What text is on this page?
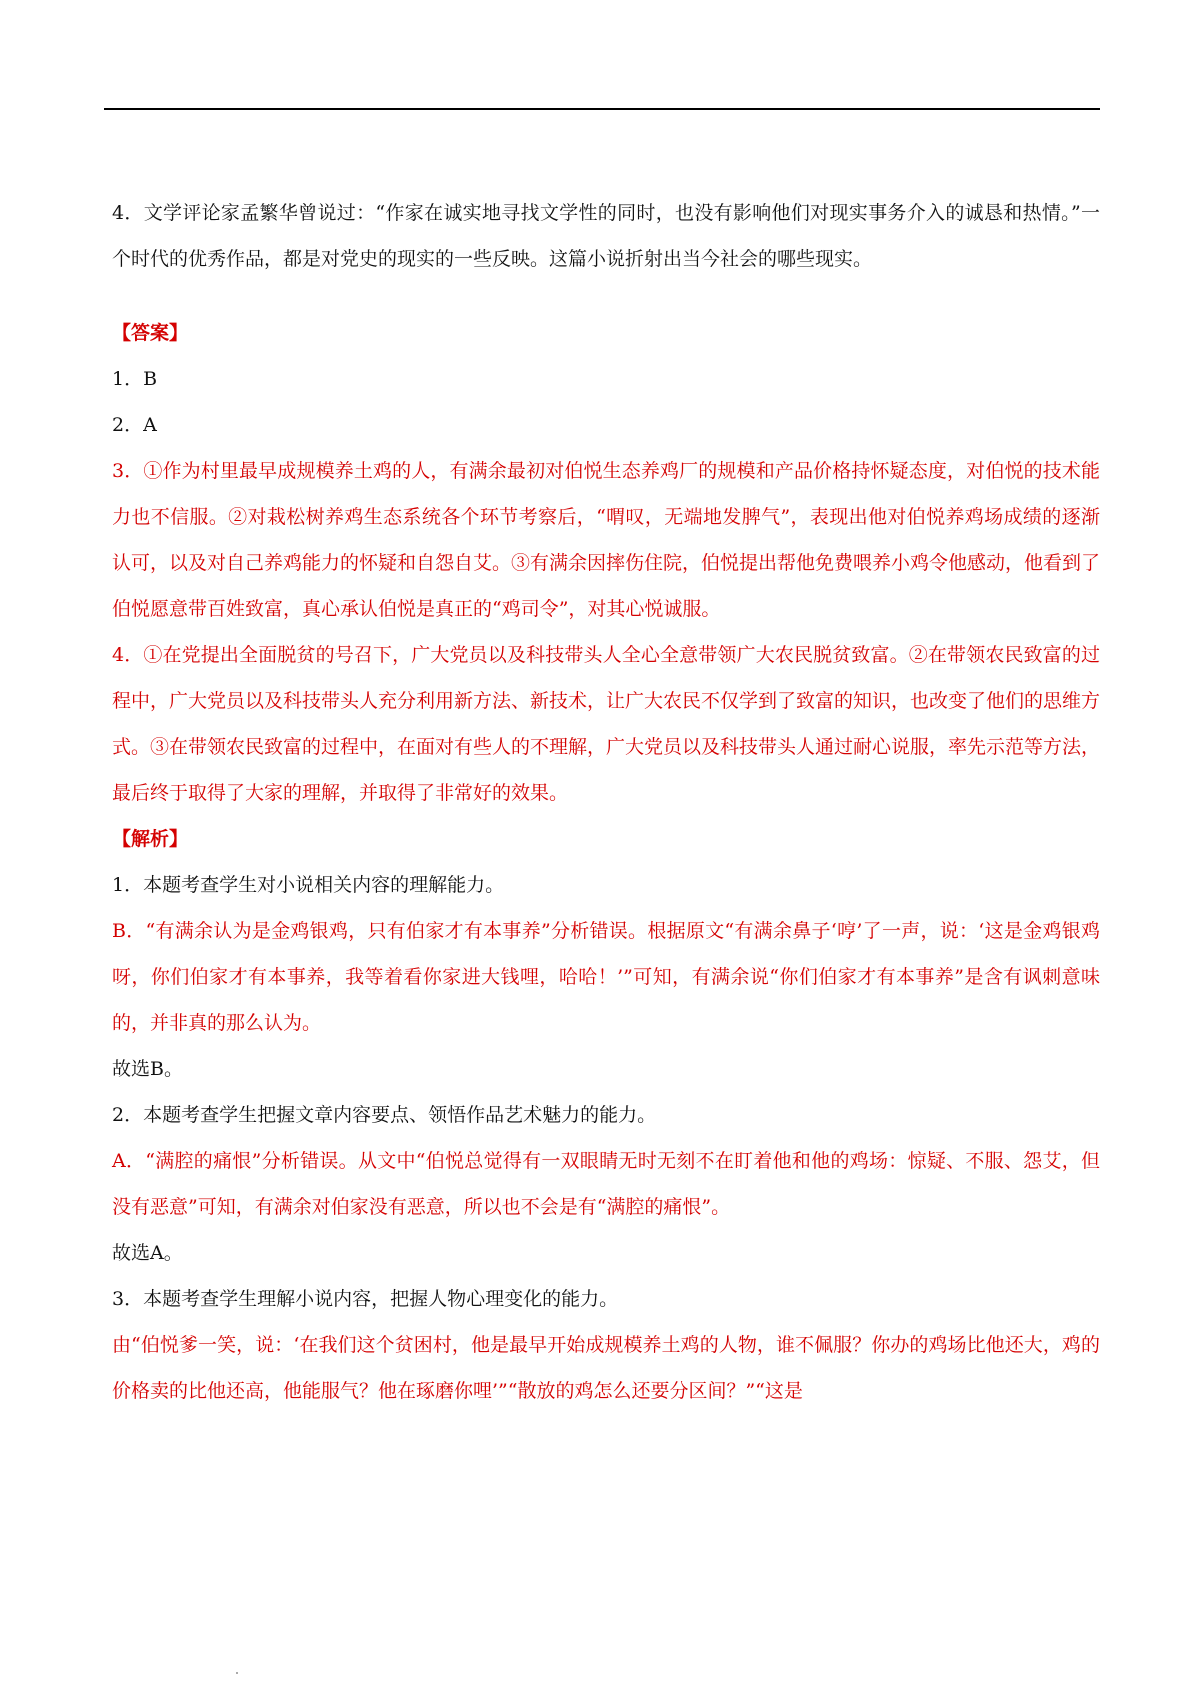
4．文学评论家孟繁华曾说过：“作家在诚实地寻找文学性的同时，也没有影响他们对现实事务介入的诚恳和热情。”一个时代的优秀作品，都是对党史的现实的一些反映。这篇小说折射出当今社会的哪些现实。

【答案】

1．B

2．A

3．①作为村里最早成规模养土鸡的人，有满余最初对伯悦生态养鸡厂的规模和产品价格持怀疑态度，对伯悦的技术能力也不信服。②对栽松树养鸡生态系统各个环节考察后，“喟叹，无端地发脾气”，表现出他对伯悦养鸡场成绩的逐渐认可，以及对自己养鸡能力的怀疑和自怨自艾。③有满余因摔伤住院，伯悦提出帮他免费喂养小鸡令他感动，他看到了伯悦愿意带百姓致富，真心承认伯悦是真正的“鸡司令”，对其心悦诚服。

4．①在党提出全面脱贫的号召下，广大党员以及科技带头人全心全意带领广大农民脱贫致富。②在带领农民致富的过程中，广大党员以及科技带头人充分利用新方法、新技术，让广大农民不仅学到了致富的知识，也改变了他们的思维方式。③在带领农民致富的过程中，在面对有些人的不理解，广大党员以及科技带头人通过耐心说服，率先示范等方法，最后终于取得了大家的理解，并取得了非常好的效果。

【解析】

1．本题考查学生对小说相关内容的理解能力。

B．“有满余认为是金鸡银鸡，只有伯家才有本事养”分析错误。根据原文“有满余鼻子‘哼’了一声，说：‘这是金鸡银鸡呀，你们伯家才有本事养，我等着看你家进大钱哩，哈哈！’”可知，有满余说“你们伯家才有本事养”是含有讽刺意味的，并非真的那么认为。

故选B。

2．本题考查学生把握文章内容要点、领悟作品艺术魅力的能力。

A．“满腔的痛恨”分析错误。从文中“伯悦总觉得有一双眼睛无时无刻不在盯着他和他的鸡场：惊疑、不服、怨艾，但没有恶意”可知，有满余对伯家没有恶意，所以也不会是有“满腔的痛恨”。

故选A。

3．本题考查学生理解小说内容，把握人物心理变化的能力。

由“伯悦爹一笑，说：‘在我们这个贫困村，他是最早开始成规模养土鸡的人物，谁不佩服？你办的鸡场比他还大，鸡的价格卖的比他还高，他能服气？他在琢磨你哩’”“散放的鸡怎么还要分区间？”“这是
